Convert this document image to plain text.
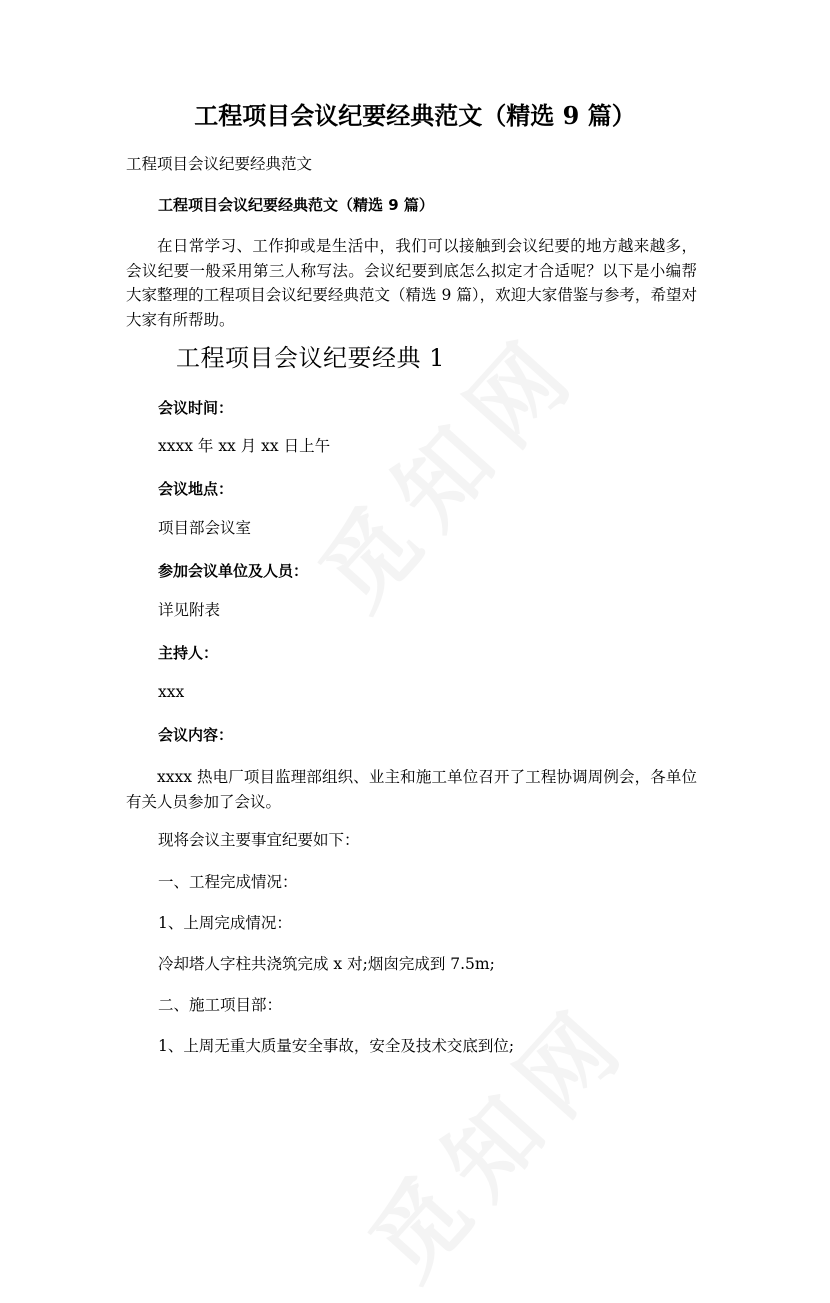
工程项目会议纪要经典范文（精选 9 篇）

工程项目会议纪要经典范文

工程项目会议纪要经典范文（精选 9 篇）

在日常学习、工作抑或是生活中，我们可以接触到会议纪要的地方越来越多，会议纪要一般采用第三人称写法。会议纪要到底怎么拟定才合适呢？以下是小编帮大家整理的工程项目会议纪要经典范文（精选 9 篇），欢迎大家借鉴与参考，希望对大家有所帮助。

工程项目会议纪要经典 1

会议时间：

xxxx 年 xx 月 xx 日上午

会议地点：

项目部会议室

参加会议单位及人员：

详见附表

主持人：

xxx

会议内容：

xxxx 热电厂项目监理部组织、业主和施工单位召开了工程协调周例会，各单位有关人员参加了会议。

现将会议主要事宜纪要如下：

一、工程完成情况：

1、上周完成情况：

冷却塔人字柱共浇筑完成 x 对;烟囱完成到 7.5m;

二、施工项目部：

1、上周无重大质量安全事故，安全及技术交底到位;
